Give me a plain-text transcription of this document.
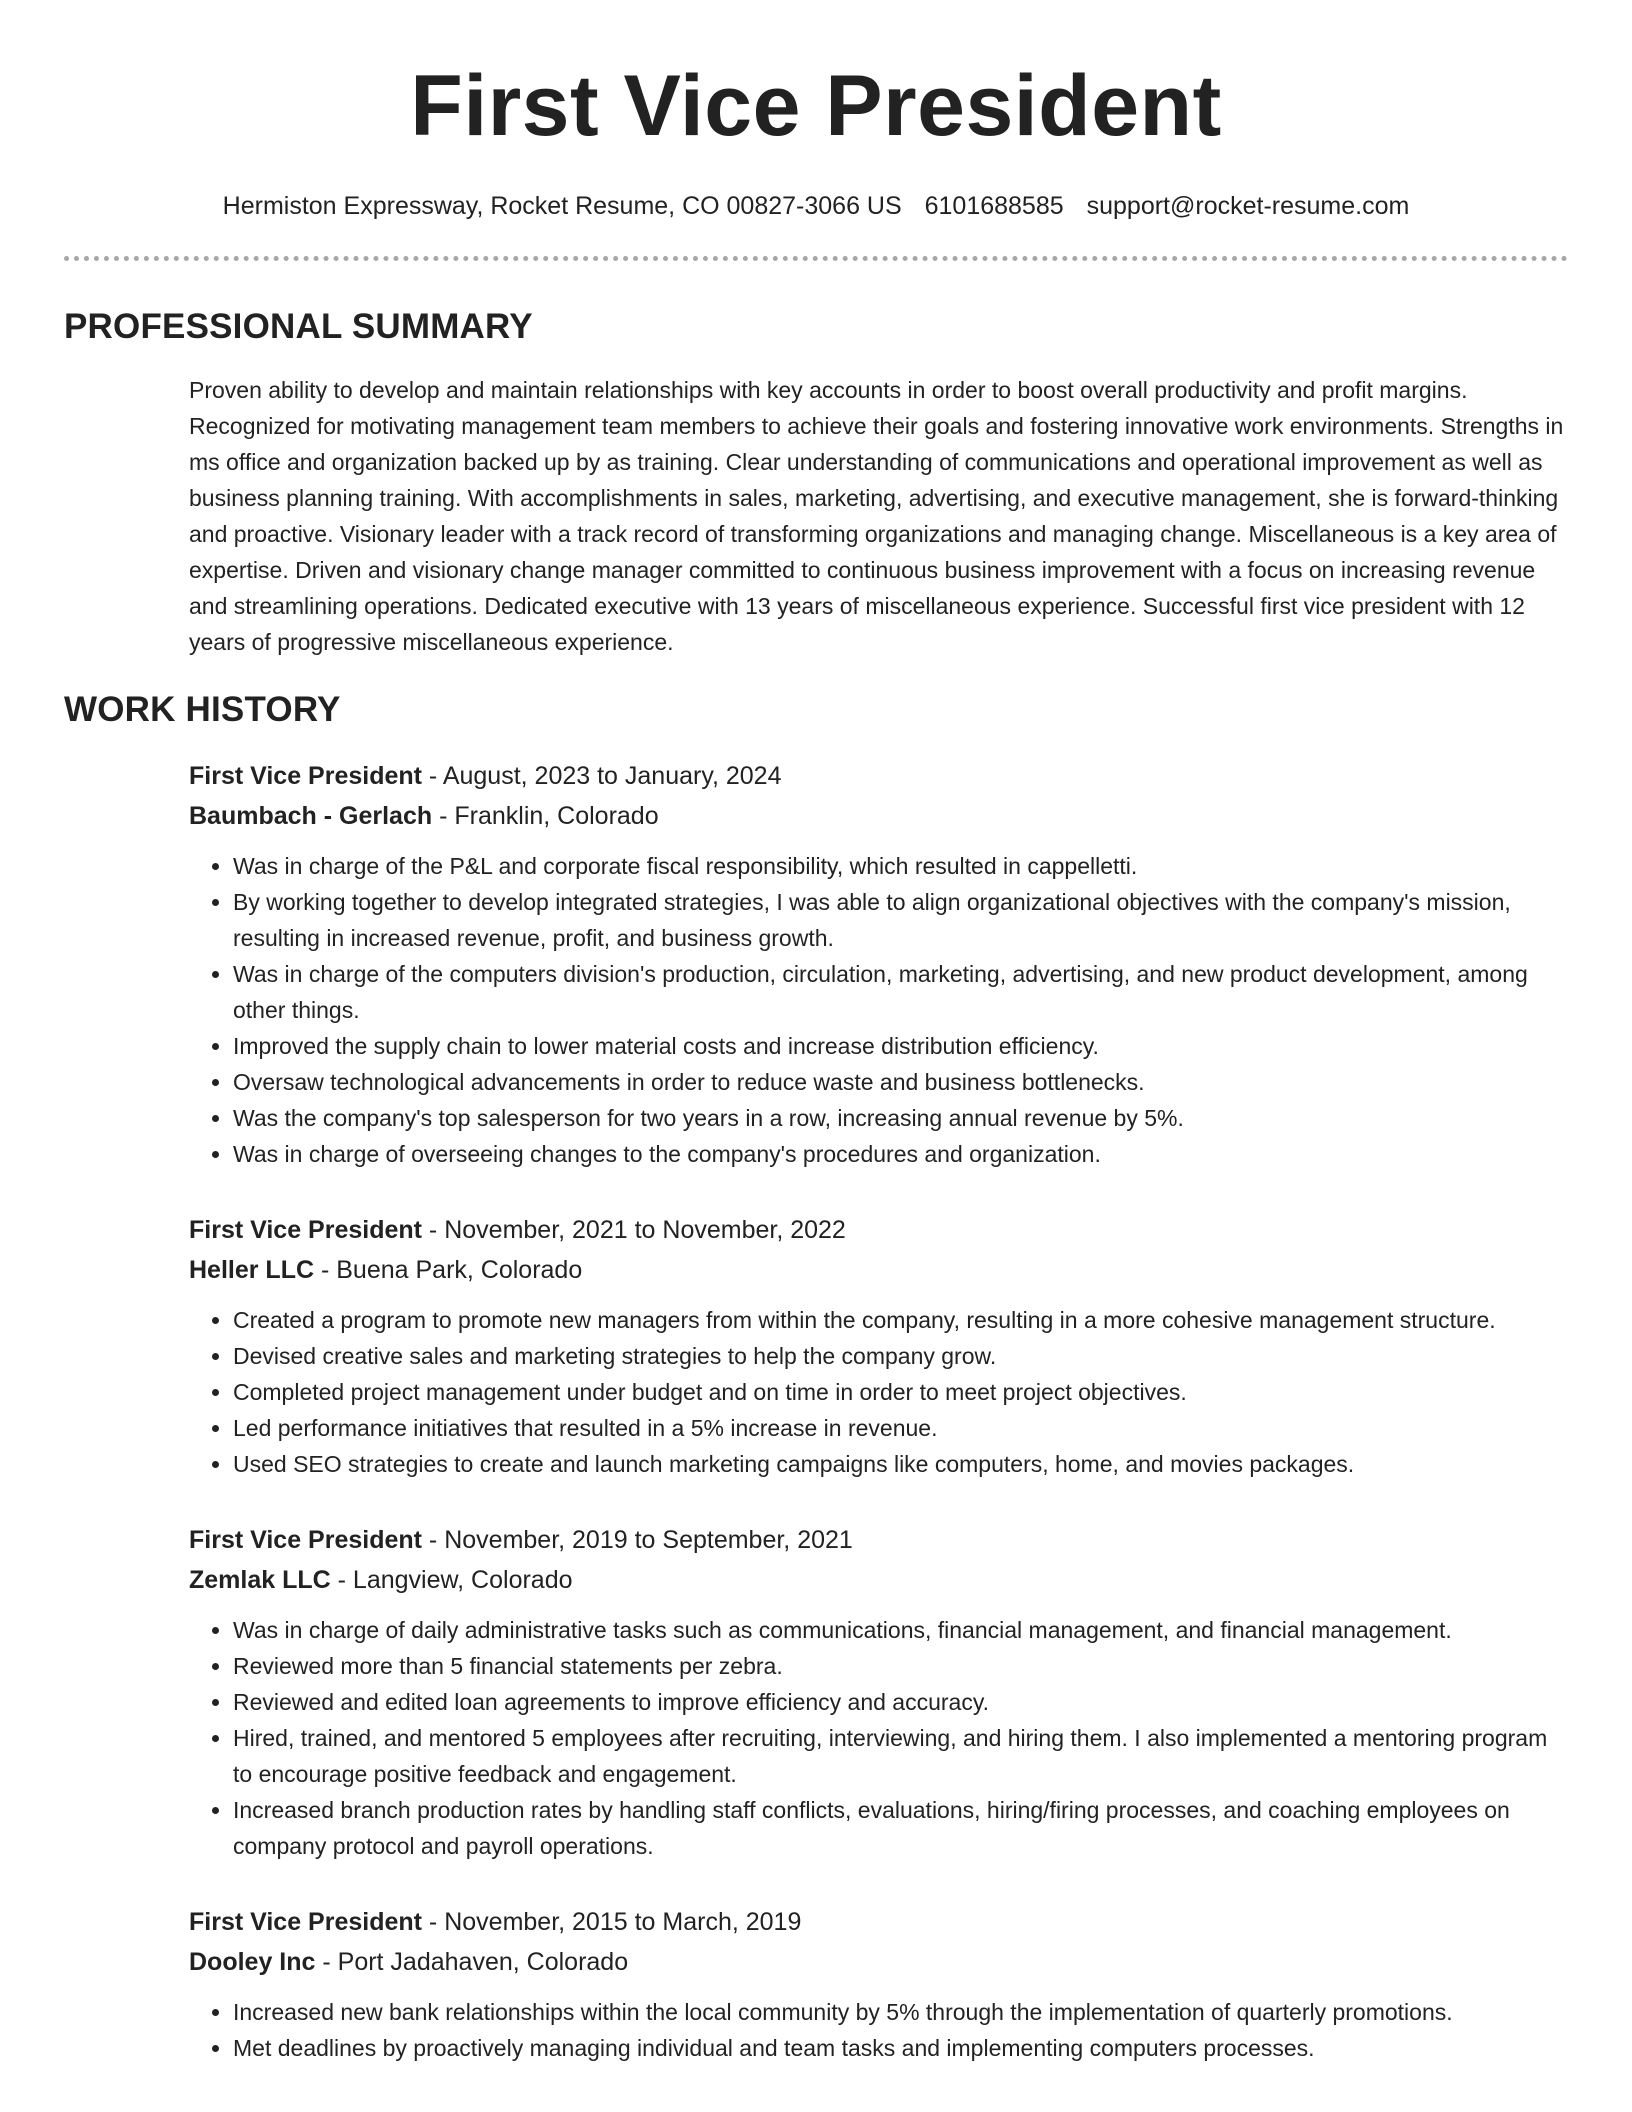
First Vice President
Hermiston Expressway, Rocket Resume, CO 00827-3066 US 6101688585 support@rocket-resume.com
PROFESSIONAL SUMMARY

Proven ability to develop and maintain relationships with key accounts in order to boost overall productivity and profit margins. Recognized for motivating management team members to achieve their goals and fostering innovative work environments. Strengths in ms office and organization backed up by as training. Clear understanding of communications and operational improvement as well as business planning training. With accomplishments in sales, marketing, advertising, and executive management, she is forward-thinking and proactive. Visionary leader with a track record of transforming organizations and managing change. Miscellaneous is a key area of expertise. Driven and visionary change manager committed to continuous business improvement with a focus on increasing revenue and streamlining operations. Dedicated executive with 13 years of miscellaneous experience. Successful first vice president with 12 years of progressive miscellaneous experience.

WORK HISTORY
First Vice President - August, 2023 to January, 2024
Baumbach - Gerlach - Franklin, Colorado
• Was in charge of the P&L and corporate fiscal responsibility, which resulted in cappelletti.
• By working together to develop integrated strategies, I was able to align organizational objectives with the company's mission, resulting in increased revenue, profit, and business growth.
• Was in charge of the computers division's production, circulation, marketing, advertising, and new product development, among other things.
• Improved the supply chain to lower material costs and increase distribution efficiency.
• Oversaw technological advancements in order to reduce waste and business bottlenecks.
• Was the company's top salesperson for two years in a row, increasing annual revenue by 5%.
• Was in charge of overseeing changes to the company's procedures and organization.
First Vice President - November, 2021 to November, 2022
Heller LLC - Buena Park, Colorado
• Created a program to promote new managers from within the company, resulting in a more cohesive management structure.
• Devised creative sales and marketing strategies to help the company grow.
• Completed project management under budget and on time in order to meet project objectives.
• Led performance initiatives that resulted in a 5% increase in revenue.
• Used SEO strategies to create and launch marketing campaigns like computers, home, and movies packages.
First Vice President - November, 2019 to September, 2021
Zemlak LLC - Langview, Colorado
• Was in charge of daily administrative tasks such as communications, financial management, and financial management.
• Reviewed more than 5 financial statements per zebra.
• Reviewed and edited loan agreements to improve efficiency and accuracy.
• Hired, trained, and mentored 5 employees after recruiting, interviewing, and hiring them. I also implemented a mentoring program to encourage positive feedback and engagement.
• Increased branch production rates by handling staff conflicts, evaluations, hiring/firing processes, and coaching employees on company protocol and payroll operations.
First Vice President - November, 2015 to March, 2019
Dooley Inc - Port Jadahaven, Colorado
• Increased new bank relationships within the local community by 5% through the implementation of quarterly promotions.
• Met deadlines by proactively managing individual and team tasks and implementing computers processes.
